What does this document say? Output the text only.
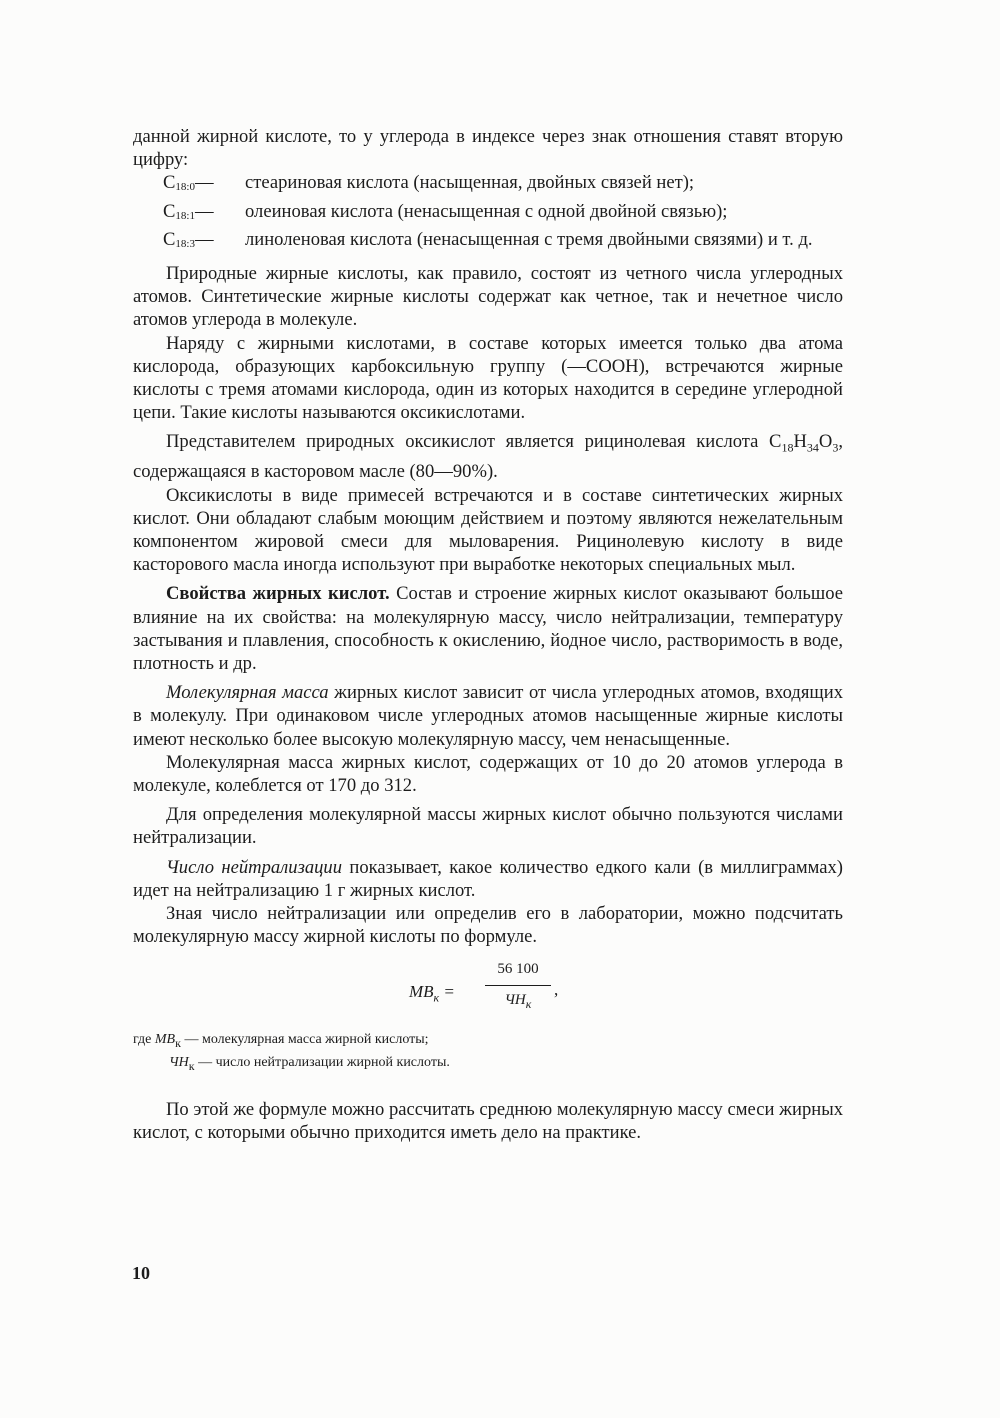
данной жирной кислоте, то у углерода в индексе через знак отношения ставят вторую цифру:

$C_{18:0}—$	стеариновая кислота (насыщенная, двойных связей нет);
$C_{18:1}—$	олеиновая кислота (ненасыщенная с одной двойной связью);
$C_{18:3}—$	линоленовая кислота (ненасыщенная с тремя двойными связями) и т. д.

Природные жирные кислоты, как правило, состоят из четного числа углеродных атомов. Синтетические жирные кислоты содержат как четное, так и нечетное число атомов углерода в молекуле.

Наряду с жирными кислотами, в составе которых имеется только два атома кислорода, образующих карбоксильную группу (—СООН), встречаются жирные кислоты с тремя атомами кислорода, один из которых находится в середине углеродной цепи. Такие кислоты называются оксикислотами.

Представителем природных оксикислот является рицинолевая кислота $C_{18}H_{34}O_3$, содержащаяся в касторовом масле (80—90%).

Оксикислоты в виде примесей встречаются и в составе синтетических жирных кислот. Они обладают слабым моющим действием и поэтому являются нежелательным компонентом жировой смеси для мыловарения. Рицинолевую кислоту в виде касторового масла иногда используют при выработке некоторых специальных мыл.

Свойства жирных кислот. Состав и строение жирных кислот оказывают большое влияние на их свойства: на молекулярную массу, число нейтрализации, температуру застывания и плавления, способность к окислению, йодное число, растворимость в воде, плотность и др.

Молекулярная масса жирных кислот зависит от числа углеродных атомов, входящих в молекулу. При одинаковом числе углеродных атомов насыщенные жирные кислоты имеют несколько более высокую молекулярную массу, чем ненасыщенные.

Молекулярная масса жирных кислот, содержащих от 10 до 20 атомов углерода в молекуле, колеблется от 170 до 312.

Для определения молекулярной массы жирных кислот обычно пользуются числами нейтрализации.

Число нейтрализации показывает, какое количество едкого кали (в миллиграммах) идет на нейтрализацию 1 г жирных кислот.

Зная число нейтрализации или определив его в лаборатории, можно подсчитать молекулярную массу жирной кислоты по формуле.

$MB_к$ =
56 100
$ЧН_к$
,
где $MB_к$ — молекулярная масса жирной кислоты;
$ЧН_к$ — число нейтрализации жирной кислоты.

По этой же формуле можно рассчитать среднюю молекулярную массу смеси жирных кислот, с которыми обычно приходится иметь дело на практике.

10
